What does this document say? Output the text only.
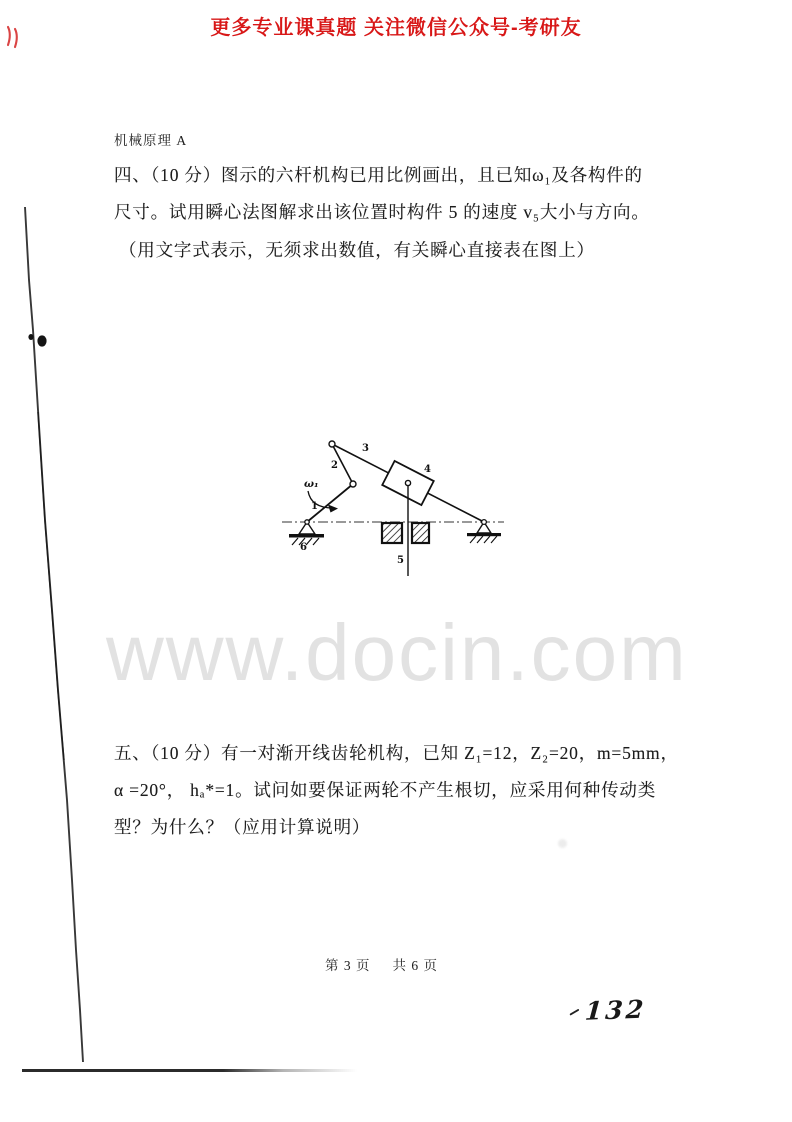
更多专业课真题 关注微信公众号-考研友
机械原理 A
四、（10 分）图示的六杆机构已用比例画出，且已知ω₁及各构件的
尺寸。试用瞬心法图解求出该位置时构件 5 的速度 v₅大小与方向。
（用文字式表示，无须求出数值，有关瞬心直接表在图上）
ω₁
1
2
3
4
5
6
www.docin.com
五、（10 分）有一对渐开线齿轮机构，已知 Z₁=12，Z₂=20，m=5mm，
α =20°， hₐ*=1。试问如要保证两轮不产生根切，应采用何种传动类
型？为什么？（应用计算说明）
第 3 页 共 6 页
132
